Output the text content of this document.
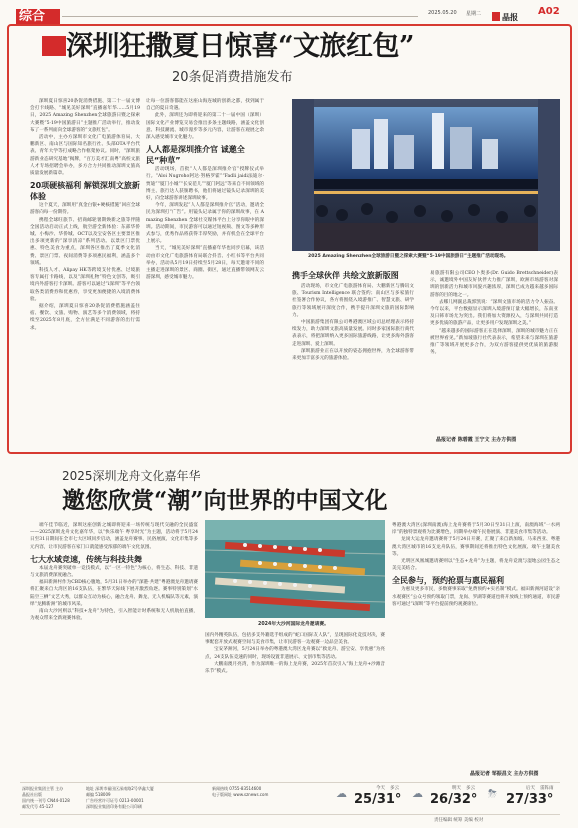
综合	2025.05.20 星期二	晶报 A02
深圳狂撒夏日惊喜“文旅红包”
20条促消费措施发布

深圳夏日惊喜20条促消费措施、第二十一届文博会打卡线路、“城见美好深圳”直播嘉年华……5月19日，2025 Amazing Shenzhen全球旅游日暨之探索大赛暨“5·19中国旅游日”主题推广活动举行，推动发布了一系列面向全球游客的“文旅红包”。

活动中，主办方深圳市文化广电旅游体育局、大鹏新区、南山区与国际知名旅行社、头部OTA平台代表、青年大学等打成略合作框架协议。同时，“深圳旅游新业态研究基地”揭牌，“百万美才汇南粤”高校文旅人才专场招聘会举办，多方合力共同推动深圳文旅高质量发展新篇章。

20项硬核福利 解锁深圳文旅新体验

这个夏天，深圳用“真金白银+硬核措施”回应全球游客向每一份期待。

携程全球旺旅节、招商邮轮暑期焕新之旅等伴随全国活动启动正式上线，航空游全新体验：东部华侨城、小梅沙、华侨城、OCT以及宝安各区主要景区推出多项更新的“深享清凉”系列活动。以景区门票优惠、特色美食为重点，深圳各区推出了夏季文化消费、景区门票、夜间消费等多项惠民福利，涵盖多个领域。

科技人才、Alipay HK等跨境支付优惠、过境旅客专属打卡路线，以及“深圳礼物”特色文创等，吸引境内外游客打卡深圳。游客可以通过“i深圳”等平台领取各类消费券和优惠券，享受更加便捷的入境消费体验。

据介绍，深圳夏日惊喜20条促消费措施涵盖住宿、餐饮、文旅、购物、演艺等多个消费领域，将持续至2025年8月底，全方位满足不同游客的出行需求。

让每一位游客都能在这座山海连城的创新之都，找到属于自己的夏日奇遇。

此外，深圳还为即将迎来的第二十一届中国（深圳）国际文化产业博览交易会推出多条主题线路，涵盖文化创意、科技潮流、城市漫步等多元内容，让游客在观展之余深入感受城市文化魅力。

人人都是深圳推介官 诚邀全民“种草”

活动现场，首批“人人都是深圳推介官”授牌仪式举行。“Aloi Nugroho阿达·努格罗霍”“Fadli jaidi法迪尔·贾迪”“厦门小城”“长安范儿”“厦门阿远”等来自不同领域的博主、旅行达人获颁聘书，他们将通过镜头记录深圳的美好，向全球游客讲述深圳故事。

今年，深圳发起“人人都是深圳推介官”活动，邀请全民为深圳打“广告”。用镜头记录属于你的深圳故事，在 Amazing Shenzhen 全球社交媒体平台上分享你眼中的深圳。活动期间，市民游客可以通过短视频、图文等多种形式参与，优秀作品将获得丰厚奖励，并有机会在全球平台上展示。

当天，“城见美好深圳”直播嘉年华也同步启幕，该活动由市文化广电旅游体育局联合抖音、小红书等平台共同举办，活动从5月19日持续至5月28日，每天邀请不同的主播走进深圳的景区、商圈、街区，通过直播带领网友云游深圳，感受城市魅力。

2025 Amazing Shenzhen全球旅游日暨之探索大赛暨“5·19中国旅游日”主题推广活动现场。
携手全球伙伴 共绘文旅新版图

活动现场，市文化广电旅游体育局、大鹏新区与腾讯文旅、Tourism Intelligence 联合签约；南山区与多家旅行社签署合作协议，各方将围绕入境游推广、智慧文旅、研学旅行等领域展开深度合作，携手提升深圳文旅的国际影响力。

中国旅游集团有限公司粤港澳区域公司总经理表示将持续发力，助力深圳文旅高质量发展。同时多家国际旅行商代表表示，将把深圳纳入更多国际旅游线路，让更多海外游客走进深圳、爱上深圳。

深圳旅游业正在以开放的姿态拥抱世界，为全球游客带来更加丰富多元的旅游体验。

易旅游有限公司CEO卜奥多(Dr. Guido Brettschneider)表示，诚邀境外中国友好伙伴大力推广深圳，欧洲市场游客对深圳的创新活力和城市风貌兴趣浓厚，深圳已成为越来越多国际游客的目的地之一。

去哪儿网副总裁郭凯说：“深圳文旅市场的活力令人振奋。今年以来，平台数据显示深圳入境游预订量大幅增长，东南亚及日韩市场尤为突出。我们将加大资源投入，与深圳共同打造更多优质的旅游产品，让更多用户发现深圳之美。”

“越来越多的国际游客正在选择深圳，深圳的城市魅力正在被世界看见。”新加坡旅行社代表表示，希望未来与深圳在旅游推广等领域开展更多合作，为双方游客提供更优质的旅游服务。

晶报记者 陈碧霞 王宁文 主办方供图
2025深圳龙舟文化嘉年华
邀您欣赏“潮”向世界的中国文化

端午佳节临近，深圳这座创新之城即将迎来一场传统与现代交融的全民盛宴——2025深圳龙舟文化嘉年华，以“快乐端午 粤享时光”为主题，活动将于5月24日至31日期间在全市七大区域同步启动，涵盖龙舟赛事、民俗展演、文化市集等多元内容，让市民游客在家门口就能感受浓郁的端午文化氛围。

七大水域竞速，传统与科技共舞

本届龙舟赛突破单一竞技模式，以“一区一特色”为核心，将生态、科技、非遗与文旅消费深度融合。

福田新洲村作为CBD核心腹地，5月31日举办的“深港·共建”粤港澳龙舟邀请赛将汇聚来自大湾区的16支队伍，在繁华天际线下展开激烈角逐。赛事特别策划“水陆空三栖”文艺大秀，以群众互动为核心，融合龙舟、舞龙、无人机编队等元素，演绎“龙腾新洲”的城市风采。

南山大沙河则以“科技+龙舟”为特色，引入智能计时系统和无人机航拍直播，为观众带来全新观赛体验。

2024年大沙河国际龙舟邀请赛。

国内外精英队伍，包括多支外籍选手组成的“蛇口国际友人队”，呈现国际化竞技对决，赛事配套开放式观赛空间与美食市集，让市民游客一边观赛一边品尝美食。

宝安茅洲河，5月24日举办的粤港澳大湾区龙舟赛以“救龙舟、游宝安、享优惠”为亮点，24支队伍竞速的同时，现场设置非遗展示、文创市集等活动。

大鹏南澳月亮湾，作为深圳唯一的海上龙舟赛，2025年首次引入“海上龙舟+沙滩音乐节”模式。

粤港澳大湾区(深圳南澳)海上龙舟赛将于5月30日至31日上演，南澳海域“一水两岸”的独特景观将为比赛增色，同期举办端午民俗展演、非遗美食市集等活动。

龙岗大运龙舟邀请赛将于5月24日开赛，汇聚了来自新加坡、马来西亚、粤港澳大湾区城市的16支龙舟队伍，赛事期间还将推出特色文化展演、端午主题美食等。

光明区凤凰城邀请赛则以“生态+龙舟”为主题，将龙舟竞渡与湿地公园生态之美完美结合。

全民参与，预约抢票与惠民福利

为惠及更多市民，多数赛事采取“免费预约+实名制”模式。福田新洲河道设“亲水观赛区”公众号预约领取门票，龙岗、罗湖等赛道也将开放线上预约通道，市民游客可通过“i深圳”等平台提前预约观赛席位。

晶报记者 邹振昌文 主办方供图
深圳报业集团主管 主办
晶报社出版
国内统一刊号 CN44-0128
邮发代号 45-127
地址 深圳市福田区深南路2号华鑫大厦
邮编 518009
广告经营许可证号 0213-00001
深圳报业集团印务有限公司印刷
新闻热线 0755-83514600
电子版网址 www.sznews.com	☁	今天 多云
25/31° ☁	明天 多云
26/32° ⛈	后天 雷阵雨
27/33°
责任编辑 统筹 美编 校对
